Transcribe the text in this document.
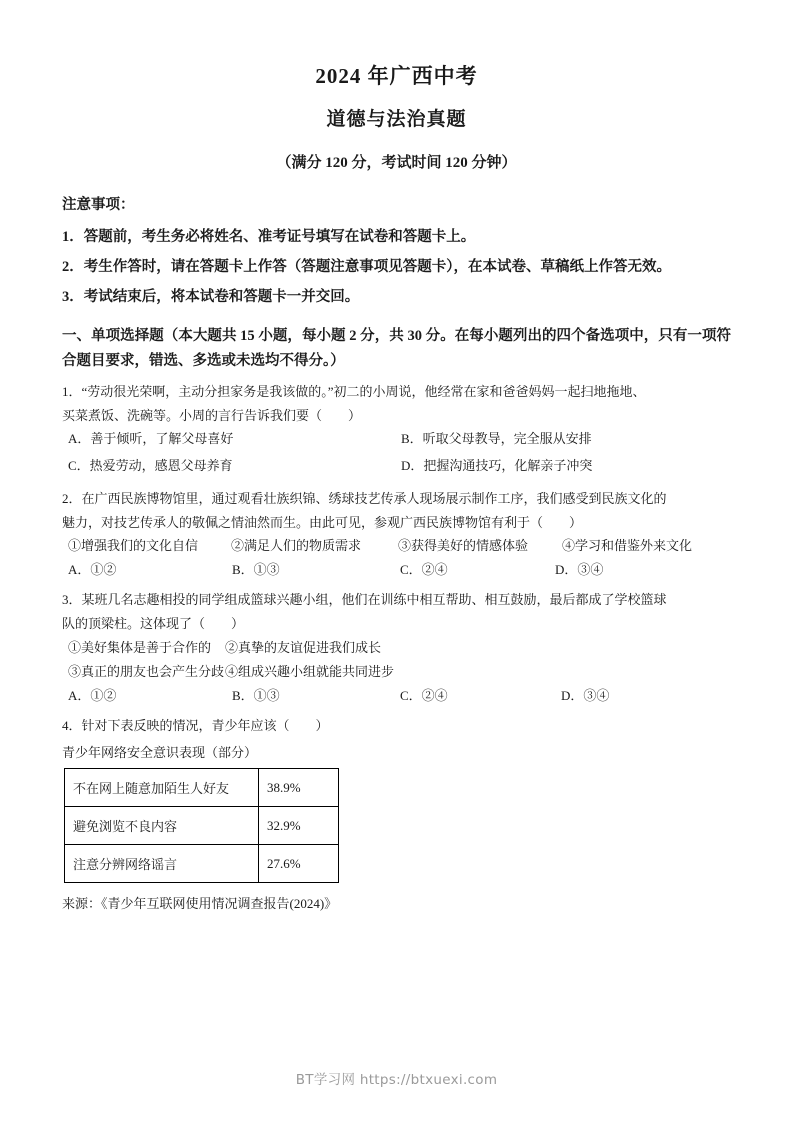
2024 年广西中考
道德与法治真题

（满分 120 分，考试时间 120 分钟）

注意事项：

1．答题前，考生务必将姓名、准考证号填写在试卷和答题卡上。

2．考生作答时，请在答题卡上作答（答题注意事项见答题卡），在本试卷、草稿纸上作答无效。

3．考试结束后，将本试卷和答题卡一并交回。

一、单项选择题（本大题共 15 小题，每小题 2 分，共 30 分。在每小题列出的四个备选项中，只有一项符合题目要求，错选、多选或未选均不得分。）

1．“劳动很光荣啊，主动分担家务是我该做的。”初二的小周说，他经常在家和爸爸妈妈一起扫地拖地、

买菜煮饭、洗碗等。小周的言行告诉我们要（　　）

A．善于倾听，了解父母喜好	B．听取父母教导，完全服从安排
C．热爱劳动，感恩父母养育	D．把握沟通技巧，化解亲子冲突

2．在广西民族博物馆里，通过观看壮族织锦、绣球技艺传承人现场展示制作工序，我们感受到民族文化的

魅力，对技艺传承人的敬佩之情油然而生。由此可见，参观广西民族博物馆有利于（　　）

①增强我们的文化自信	②满足人们的物质需求	③获得美好的情感体验	④学习和借鉴外来文化
A．①②	B．①③	C．②④	D．③④

3．某班几名志趣相投的同学组成篮球兴趣小组，他们在训练中相互帮助、相互鼓励，最后都成了学校篮球

队的顶梁柱。这体现了（　　）

①美好集体是善于合作的 ②真挚的友谊促进我们成长
③真正的朋友也会产生分歧 ④组成兴趣小组就能共同进步
A．①②	B．①③	C．②④	D．③④

4．针对下表反映的情况，青少年应该（　　）

青少年网络安全意识表现（部分）

不在网上随意加陌生人好友	38.9%
避免浏览不良内容	32.9%
注意分辨网络谣言	27.6%

来源：《青少年互联网使用情况调查报告(2024)》

BT学习网 https://btxuexi.com
